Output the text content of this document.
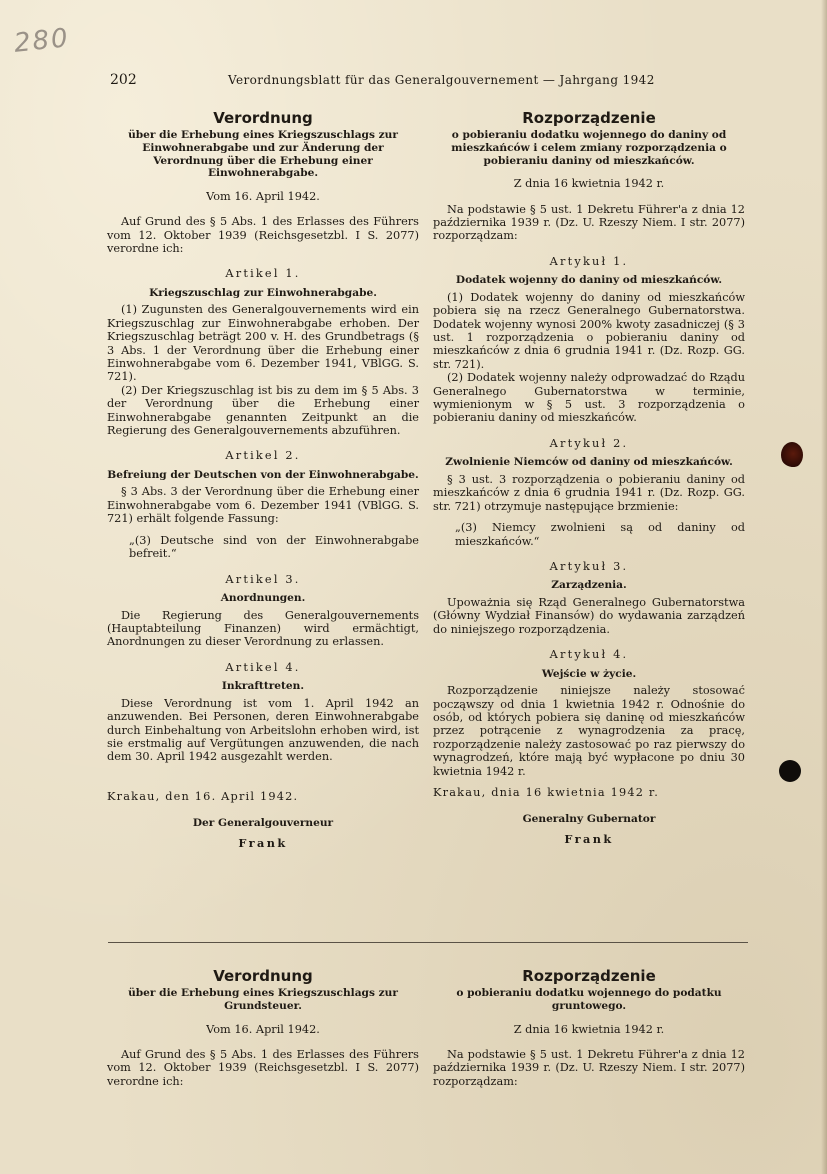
280
202	Verordnungsblatt für das Generalgouvernement — Jahrgang 1942
Verordnung
über die Erhebung eines Kriegszuschlags zur Einwohnerabgabe und zur Änderung der Verordnung über die Erhebung einer Einwohnerabgabe.
Vom 16. April 1942.

Auf Grund des § 5 Abs. 1 des Erlasses des Führers vom 12. Oktober 1939 (Reichsgesetzbl. I S. 2077) verordne ich:

Artikel 1.
Kriegszuschlag zur Einwohnerabgabe.

(1) Zugunsten des Generalgouvernements wird ein Kriegszuschlag zur Einwohnerabgabe erhoben. Der Kriegszuschlag beträgt 200 v. H. des Grundbetrags (§ 3 Abs. 1 der Verordnung über die Erhebung einer Einwohnerabgabe vom 6. Dezember 1941, VBlGG. S. 721).

(2) Der Kriegszuschlag ist bis zu dem im § 5 Abs. 3 der Verordnung über die Erhebung einer Einwohnerabgabe genannten Zeitpunkt an die Regierung des Generalgouvernements abzuführen.

Artikel 2.
Befreiung der Deutschen von der Einwohnerabgabe.

§ 3 Abs. 3 der Verordnung über die Erhebung einer Einwohnerabgabe vom 6. Dezember 1941 (VBlGG. S. 721) erhält folgende Fassung:

„(3) Deutsche sind von der Einwohnerabgabe befreit.“
Artikel 3.
Anordnungen.

Die Regierung des Generalgouvernements (Hauptabteilung Finanzen) wird ermächtigt, Anordnungen zu dieser Verordnung zu erlassen.

Artikel 4.
Inkrafttreten.

Diese Verordnung ist vom 1. April 1942 an anzuwenden. Bei Personen, deren Einwohnerabgabe durch Einbehaltung von Arbeitslohn erhoben wird, ist sie erstmalig auf Vergütungen anzuwenden, die nach dem 30. April 1942 ausgezahlt werden.

Krakau, den 16. April 1942.
Der Generalgouverneur
Frank
Rozporządzenie
o pobieraniu dodatku wojennego do daniny od mieszkańców i celem zmiany rozporządzenia o pobieraniu daniny od mieszkańców.
Z dnia 16 kwietnia 1942 r.

Na podstawie § 5 ust. 1 Dekretu Führer'a z dnia 12 października 1939 r. (Dz. U. Rzeszy Niem. I str. 2077) rozporządzam:

Artykuł 1.
Dodatek wojenny do daniny od mieszkańców.

(1) Dodatek wojenny do daniny od mieszkańców pobiera się na rzecz Generalnego Gubernatorstwa. Dodatek wojenny wynosi 200% kwoty zasadniczej (§ 3 ust. 1 rozporządzenia o pobieraniu daniny od mieszkańców z dnia 6 grudnia 1941 r. (Dz. Rozp. GG. str. 721).

(2) Dodatek wojenny należy odprowadzać do Rządu Generalnego Gubernatorstwa w terminie, wymienionym w § 5 ust. 3 rozporządzenia o pobieraniu daniny od mieszkańców.

Artykuł 2.
Zwolnienie Niemców od daniny od mieszkańców.

§ 3 ust. 3 rozporządzenia o pobieraniu daniny od mieszkańców z dnia 6 grudnia 1941 r. (Dz. Rozp. GG. str. 721) otrzymuje następujące brzmienie:

„(3) Niemcy zwolnieni są od daniny od mieszkańców.“
Artykuł 3.
Zarządzenia.

Upoważnia się Rząd Generalnego Gubernatorstwa (Główny Wydział Finansów) do wydawania zarządzeń do niniejszego rozporządzenia.

Artykuł 4.
Wejście w życie.

Rozporządzenie niniejsze należy stosować począwszy od dnia 1 kwietnia 1942 r. Odnośnie do osób, od których pobiera się daninę od mieszkańców przez potrącenie z wynagrodzenia za pracę, rozporządzenie należy zastosować po raz pierwszy do wynagrodzeń, które mają być wypłacone po dniu 30 kwietnia 1942 r.

Krakau, dnia 16 kwietnia 1942 r.
Generalny Gubernator
Frank
Verordnung
über die Erhebung eines Kriegszuschlags zur Grundsteuer.
Vom 16. April 1942.

Auf Grund des § 5 Abs. 1 des Erlasses des Führers vom 12. Oktober 1939 (Reichsgesetzbl. I S. 2077) verordne ich:

Rozporządzenie
o pobieraniu dodatku wojennego do podatku gruntowego.
Z dnia 16 kwietnia 1942 r.

Na podstawie § 5 ust. 1 Dekretu Führer'a z dnia 12 października 1939 r. (Dz. U. Rzeszy Niem. I str. 2077) rozporządzam:
